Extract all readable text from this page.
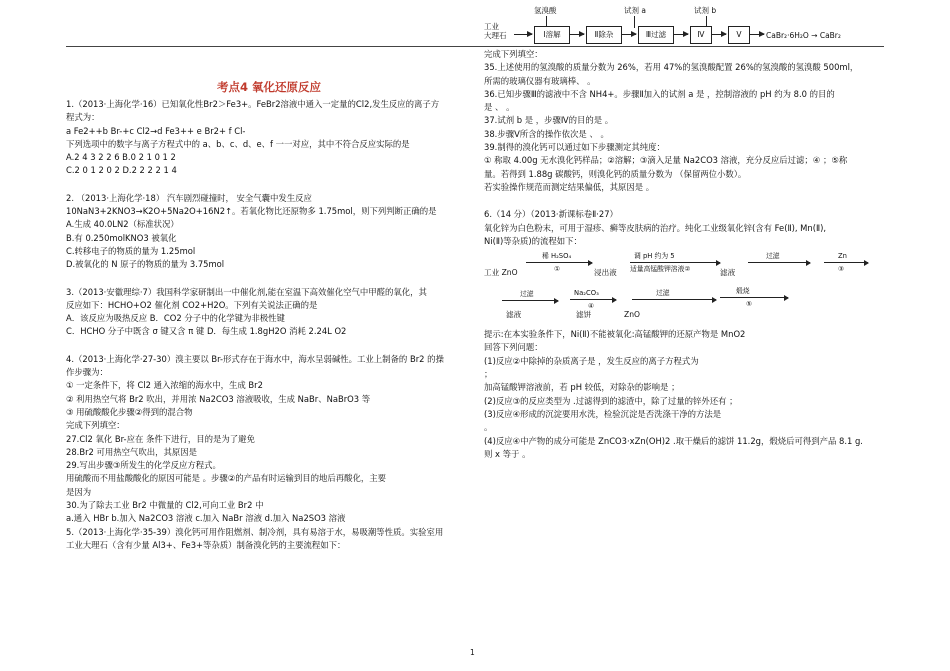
考点4 氧化还原反应
1.（2013·上海化学·16）已知氧化性Br2＞Fe3+。FeBr2溶液中通入一定量的Cl2,发生反应的离子方
程式为：
a Fe2++b Br-+c Cl2→d Fe3++ e Br2+ f Cl-
下列选项中的数字与离子方程式中的 a、b、c、d、e、f 一一对应，其中不符合反应实际的是
A.2 4 3 2 2 6 B.0 2 1 0 1 2
C.2 0 1 2 0 2 D.2 2 2 2 1 4
2. （2013·上海化学·18） 汽车剧烈碰撞时， 安全气囊中发生反应
10NaN3+2KNO3→K2O+5Na2O+16N2↑。若氧化物比还原物多 1.75mol，则下列判断正确的是
A.生成 40.0LN2（标准状况）
B.有 0.250molKNO3 被氧化
C.转移电子的物质的量为 1.25mol
D.被氧化的 N 原子的物质的量为 3.75mol
3.（2013·安徽理综·7）我国科学家研制出一中催化剂,能在室温下高效催化空气中甲醛的氧化，其
反应如下：HCHO+O2 催化剂 CO2+H2O。下列有关说法正确的是
A．该反应为吸热反应 B．CO2 分子中的化学键为非极性键
C．HCHO 分子中既含 σ 键又含 π 键 D．每生成 1.8gH2O 消耗 2.24L O2
4.（2013·上海化学·27-30）溴主要以 Br-形式存在于海水中，海水呈弱碱性。工业上制备的 Br2 的操
作步骤为：
① 一定条件下，将 Cl2 通入浓缩的海水中，生成 Br2
② 利用热空气将 Br2 吹出，并用浓 Na2CO3 溶液吸收，生成 NaBr、NaBrO3 等
③ 用硫酸酸化步骤②得到的混合物
完成下列填空：
27.Cl2 氧化 Br-应在 条件下进行，目的是为了避免
28.Br2 可用热空气吹出，其原因是
29.写出步骤③所发生的化学反应方程式。
用硫酸而不用盐酸酸化的原因可能是 。步骤②的产品有时运输到目的地后再酸化，主要
是因为
30.为了除去工业 Br2 中微量的 Cl2,可向工业 Br2 中
a.通入 HBr b.加入 Na2CO3 溶液 c.加入 NaBr 溶液 d.加入 Na2SO3 溶液
5.（2013·上海化学·35-39）溴化钙可用作阻燃剂、制冷剂，具有易溶于水，易吸潮等性质。实验室用
工业大理石（含有少量 Al3+、Fe3+等杂质）制备溴化钙的主要流程如下：
氢溴酸	试剂 a	试剂 b
工业
大理石	Ⅰ溶解	Ⅱ除杂	Ⅲ过滤	Ⅳ	Ⅴ	CaBr₂·6H₂O → CaBr₂
完成下列填空：
35.上述使用的氢溴酸的质量分数为 26%，若用 47%的氢溴酸配置 26%的氢溴酸的氢溴酸 500ml，
所需的玻璃仪器有玻璃棒、 。
36.已知步骤Ⅲ的滤液中不含 NH4+。步骤Ⅱ加入的试剂 a 是 ，控制溶液的 pH 约为 8.0 的目的
是 、 。
37.试剂 b 是 ，步骤Ⅳ的目的是 。
38.步骤Ⅴ所含的操作依次是 、 。
39.制得的溴化钙可以通过如下步骤测定其纯度：
① 称取 4.00g 无水溴化钙样品；②溶解；③滴入足量 Na2CO3 溶液，充分反应后过滤；④ ；⑤称
量。若得到 1.88g 碳酸钙，则溴化钙的质量分数为 （保留两位小数）。
若实验操作规范而测定结果偏低，其原因是 。
6.（14 分）（2013·新课标卷Ⅱ·27）
氧化锌为白色粉末，可用于湿疹、癣等皮肤病的治疗。纯化工业级氧化锌(含有 Fe(Ⅱ), Mn(Ⅱ),
Ni(Ⅱ)等杂质)的流程如下：
稀 H₂SO₄
①
调 pH 约为 5
适量高锰酸钾溶液②
过滤	Zn
③
工业 ZnO	浸出液	滤液
过滤	Na₂CO₃
④
过滤	煅烧
⑤
滤液	滤饼	ZnO
提示:在本实验条件下，Ni(Ⅱ)不能被氧化:高锰酸钾的还原产物是 MnO2
回答下列问题：
(1)反应②中除掉的杂质离子是 ，发生反应的离子方程式为
；
加高锰酸钾溶液前，若 pH 较低，对除杂的影响是 ；
(2)反应③的反应类型为 .过滤得到的滤渣中，除了过量的锌外还有 ；
(3)反应④形成的沉淀要用水洗，检验沉淀是否洗涤干净的方法是
。
(4)反应④中产物的成分可能是 ZnCO3·xZn(OH)2 .取干燥后的滤饼 11.2g，煅烧后可得到产品 8.1 g.
则 x 等于 。
1
